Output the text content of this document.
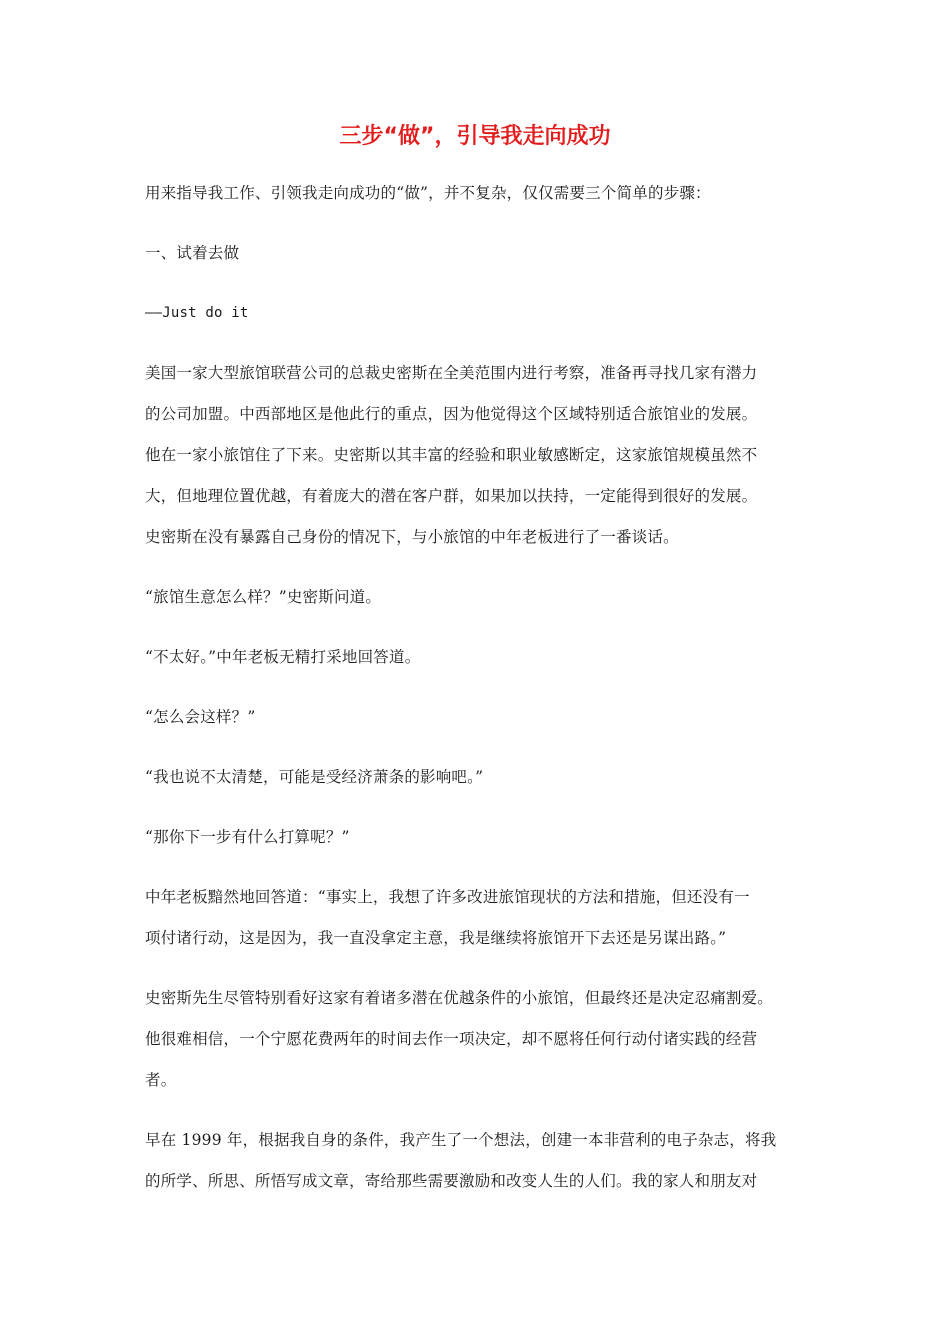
三步“做”，引导我走向成功

用来指导我工作、引领我走向成功的“做”，并不复杂，仅仅需要三个简单的步骤：

一、试着去做

——Just do it

美国一家大型旅馆联营公司的总裁史密斯在全美范围内进行考察，准备再寻找几家有潜力
的公司加盟。中西部地区是他此行的重点，因为他觉得这个区域特别适合旅馆业的发展。
他在一家小旅馆住了下来。史密斯以其丰富的经验和职业敏感断定，这家旅馆规模虽然不
大，但地理位置优越，有着庞大的潜在客户群，如果加以扶持，一定能得到很好的发展。
史密斯在没有暴露自己身份的情况下，与小旅馆的中年老板进行了一番谈话。

“旅馆生意怎么样？”史密斯问道。

“不太好。”中年老板无精打采地回答道。

“怎么会这样？”

“我也说不太清楚，可能是受经济萧条的影响吧。”

“那你下一步有什么打算呢？”

中年老板黯然地回答道：“事实上，我想了许多改进旅馆现状的方法和措施，但还没有一
项付诸行动，这是因为，我一直没拿定主意，我是继续将旅馆开下去还是另谋出路。”
史密斯先生尽管特别看好这家有着诸多潜在优越条件的小旅馆，但最终还是决定忍痛割爱。
他很难相信，一个宁愿花费两年的时间去作一项决定，却不愿将任何行动付诸实践的经营
者。
早在 1999 年，根据我自身的条件，我产生了一个想法，创建一本非营利的电子杂志，将我
的所学、所思、所悟写成文章，寄给那些需要激励和改变人生的人们。我的家人和朋友对
